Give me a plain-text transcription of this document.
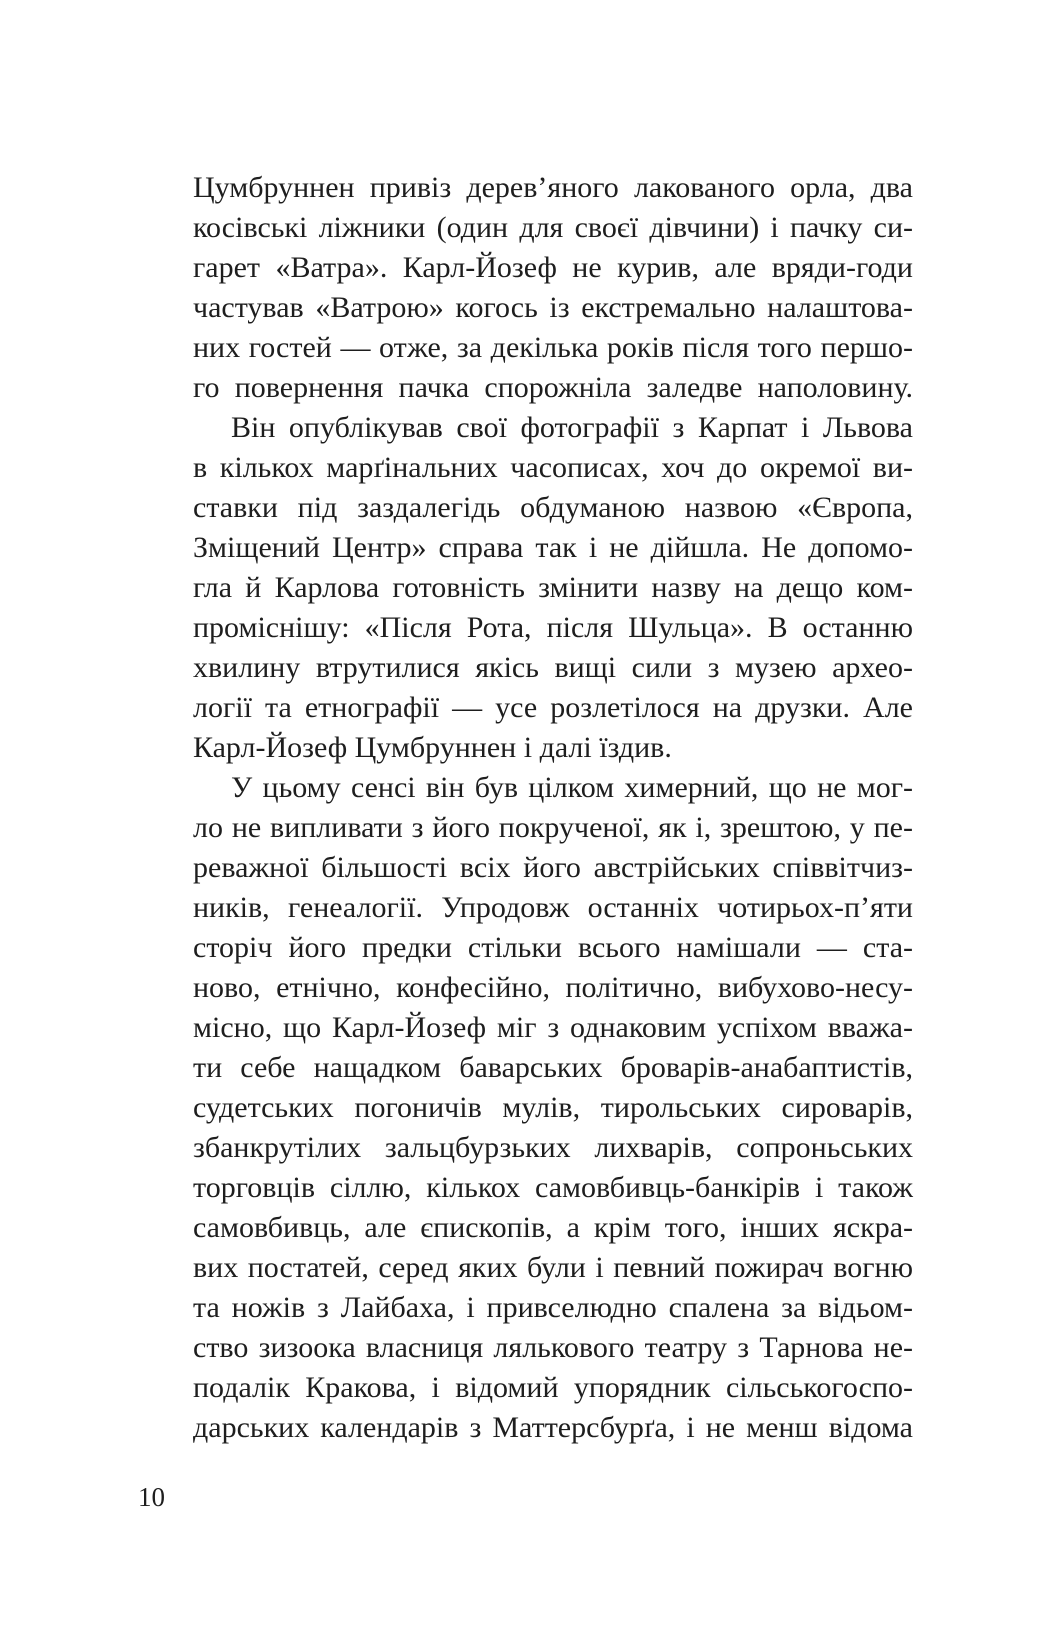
Цумбруннен привіз дерев’яного лакованого орла, два
косівські ліжники (один для своєї дівчини) і пачку си-
гарет «Ватра». Карл-Йозеф не курив, але вряди-годи
частував «Ватрою» когось із екстремально налаштова-
них гостей — отже, за декілька років після того першо-
го повернення пачка спорожніла заледве наполовину.
Він опублікував свої фотографії з Карпат і Львова
в кількох марґінальних часописах, хоч до окремої ви-
ставки під заздалегідь обдуманою назвою «Європа,
Зміщений Центр» справа так і не дійшла. Не допомо-
гла й Карлова готовність змінити назву на дещо ком-
промiснiшу: «Після Рота, після Шульца». В останню
хвилину втрутилися якісь вищі сили з музею архео-
логії та етнографії — усе розлетілося на друзки. Але
Карл-Йозеф Цумбруннен і далі їздив.
У цьому сенсі він був цілком химерний, що не мог-
ло не випливати з його покрученої, як і, зрештою, у пе-
реважної більшості всіх його австрійських співвітчиз-
ників, генеалогії. Упродовж останніх чотирьох-п’яти
сторіч його предки стільки всього намішали — ста-
ново, етнічно, конфесійно, політично, вибухово-несу-
місно, що Карл-Йозеф міг з однаковим успіхом вважа-
ти себе нащадком баварських броварів-анабаптистів,
судетських погоничів мулів, тирольських сироварів,
збанкрутілих зальцбурзьких лихварів, сопроньських
торговців сіллю, кількох самовбивць-банкірів і також
самовбивць, але єпископів, а крім того, інших яскра-
вих постатей, серед яких були і певний пожирач вогню
та ножів з Лайбаха, і привселюдно спалена за відьом-
ство зизоока власниця лялькового театру з Тарнова не-
подалік Кракова, і відомий упорядник сільськогоспо-
дарських календарів з Маттерсбурґа, і не менш відома
10
